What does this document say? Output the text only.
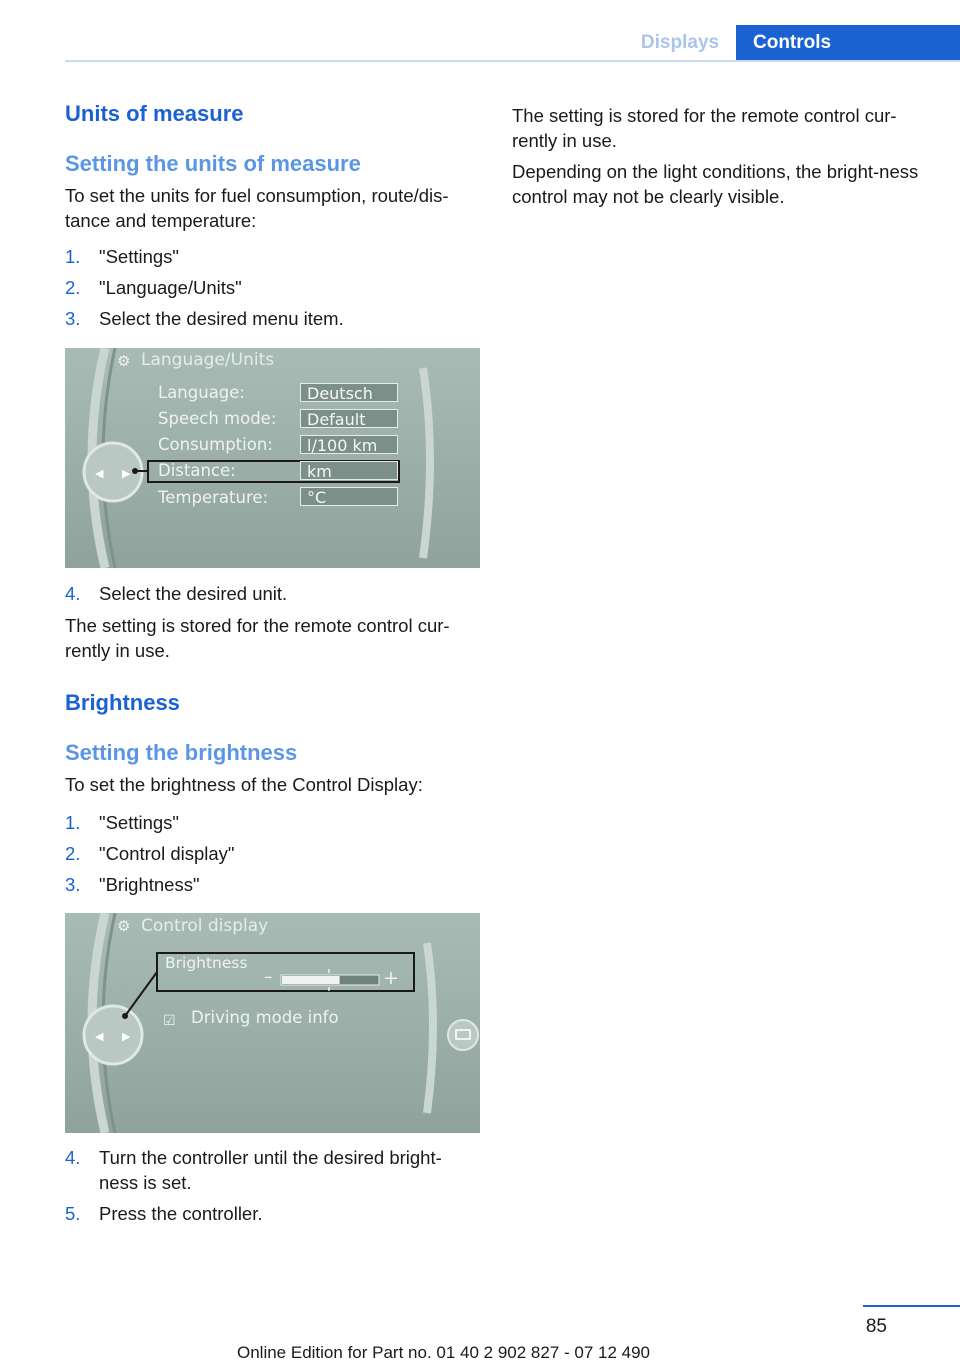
Displays	Controls
Units of measure
Setting the units of measure

To set the units for fuel consumption, route/dis-tance and temperature:

1. "Settings"
2. "Language/Units"
3. Select the desired menu item.
◀ ▶
⚙ Language/Units
Language:	Deutsch
Speech mode:	Default
Consumption:	l/100 km
Distance:	km
Temperature:	°C
4. Select the desired unit.

The setting is stored for the remote control cur-rently in use.

Brightness
Setting the brightness

To set the brightness of the Control Display:

1. "Settings"
2. "Control display"
3. "Brightness"
◀ ▶
⚙
☑
Control display
Brightness
–	+
Driving mode info
4. Turn the controller until the desired bright-ness is set.
5. Press the controller.

The setting is stored for the remote control cur-rently in use.

Depending on the light conditions, the bright-ness control may not be clearly visible.

85
Online Edition for Part no. 01 40 2 902 827 - 07 12 490
